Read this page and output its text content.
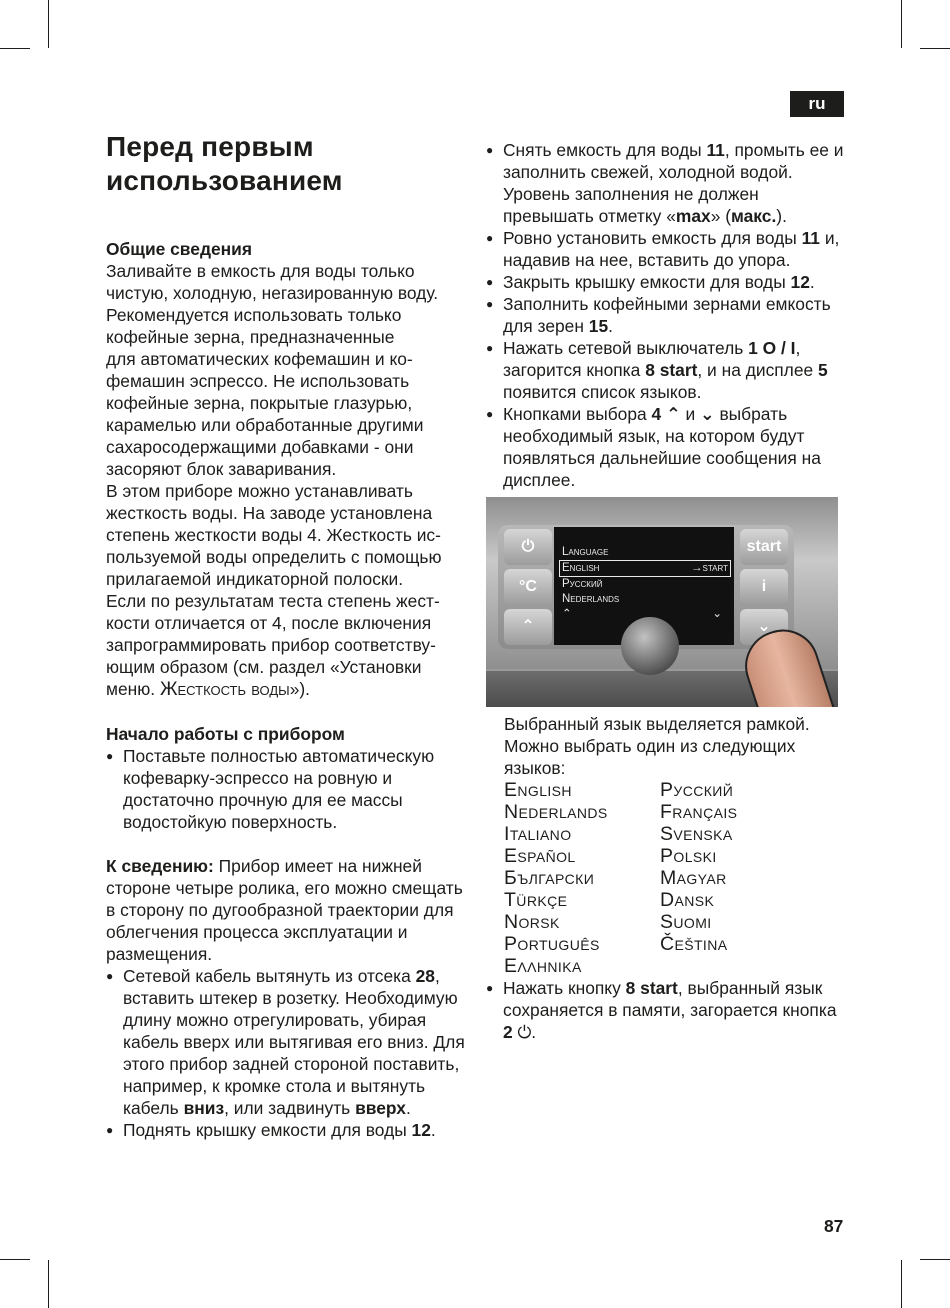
ru
Перед первым
использованием
Общие сведения
Заливайте в емкость для воды только
чистую, холодную, негазированную воду.
Рекомендуется использовать только
кофейные зерна, предназначенные
для автоматических кофемашин и ко-
фемашин эспрессо. Не использовать
кофейные зерна, покрытые глазурью,
карамелью или обработанные другими
сахаросодержащими добавками - они
засоряют блок заваривания.
В этом приборе можно устанавливать
жесткость воды. На заводе установлена
степень жесткости воды 4. Жесткость ис-
пользуемой воды определить с помощью
прилагаемой индикаторной полоски.
Если по результатам теста степень жест-
кости отличается от 4, после включения
запрограммировать прибор соответству-
ющим образом (см. раздел «Установки
меню. Жесткость воды»).
Начало работы с прибором
● Поставьте полностью автоматическую кофеварку-эспрессо на ровную и достаточно прочную для ее массы водостойкую поверхность.
К сведению: Прибор имеет на нижней стороне четыре ролика, его можно смещать в сторону по дугообразной траектории для облегчения процесса эксплуатации и размещения.
● Сетевой кабель вытянуть из отсека 28, вставить штекер в розетку. Необходимую длину можно отрегулировать, убирая кабель вверх или вытягивая его вниз. Для этого прибор задней стороной поставить, например, к кромке стола и вытянуть кабель вниз, или задвинуть вверх.
● Поднять крышку емкости для воды 12.
● Снять емкость для воды 11, промыть ее и заполнить свежей, холодной водой. Уровень заполнения не должен превышать отметку «max» (макс.).
● Ровно установить емкость для воды 11 и, надавив на нее, вставить до упора.
● Закрыть крышку емкости для воды 12.
● Заполнить кофейными зернами емкость для зерен 15.
● Нажать сетевой выключатель 1 O / I, загорится кнопка 8 start, и на дисплее 5 появится список языков.
● Кнопками выбора 4 ⌃ и ⌄ выбрать необходимый язык, на котором будут появляться дальнейшие сообщения на дисплее.
⏻
°C
⌃
start
i
⌄
Language
English	→start
Русский
Nederlands
⌃	⌄
Выбранный язык выделяется рамкой.
Можно выбрать один из следующих
языков:
English	Русский
Nederlands	Français
Italiano	Svenska
Español	Polski
Български	Magyar
Türkçe	Dansk
Norsk	Suomi
Português	Čeština
Ελληνικα
● Нажать кнопку 8 start, выбранный язык сохраняется в памяти, загорается кнопка 2 ⏻.
87
